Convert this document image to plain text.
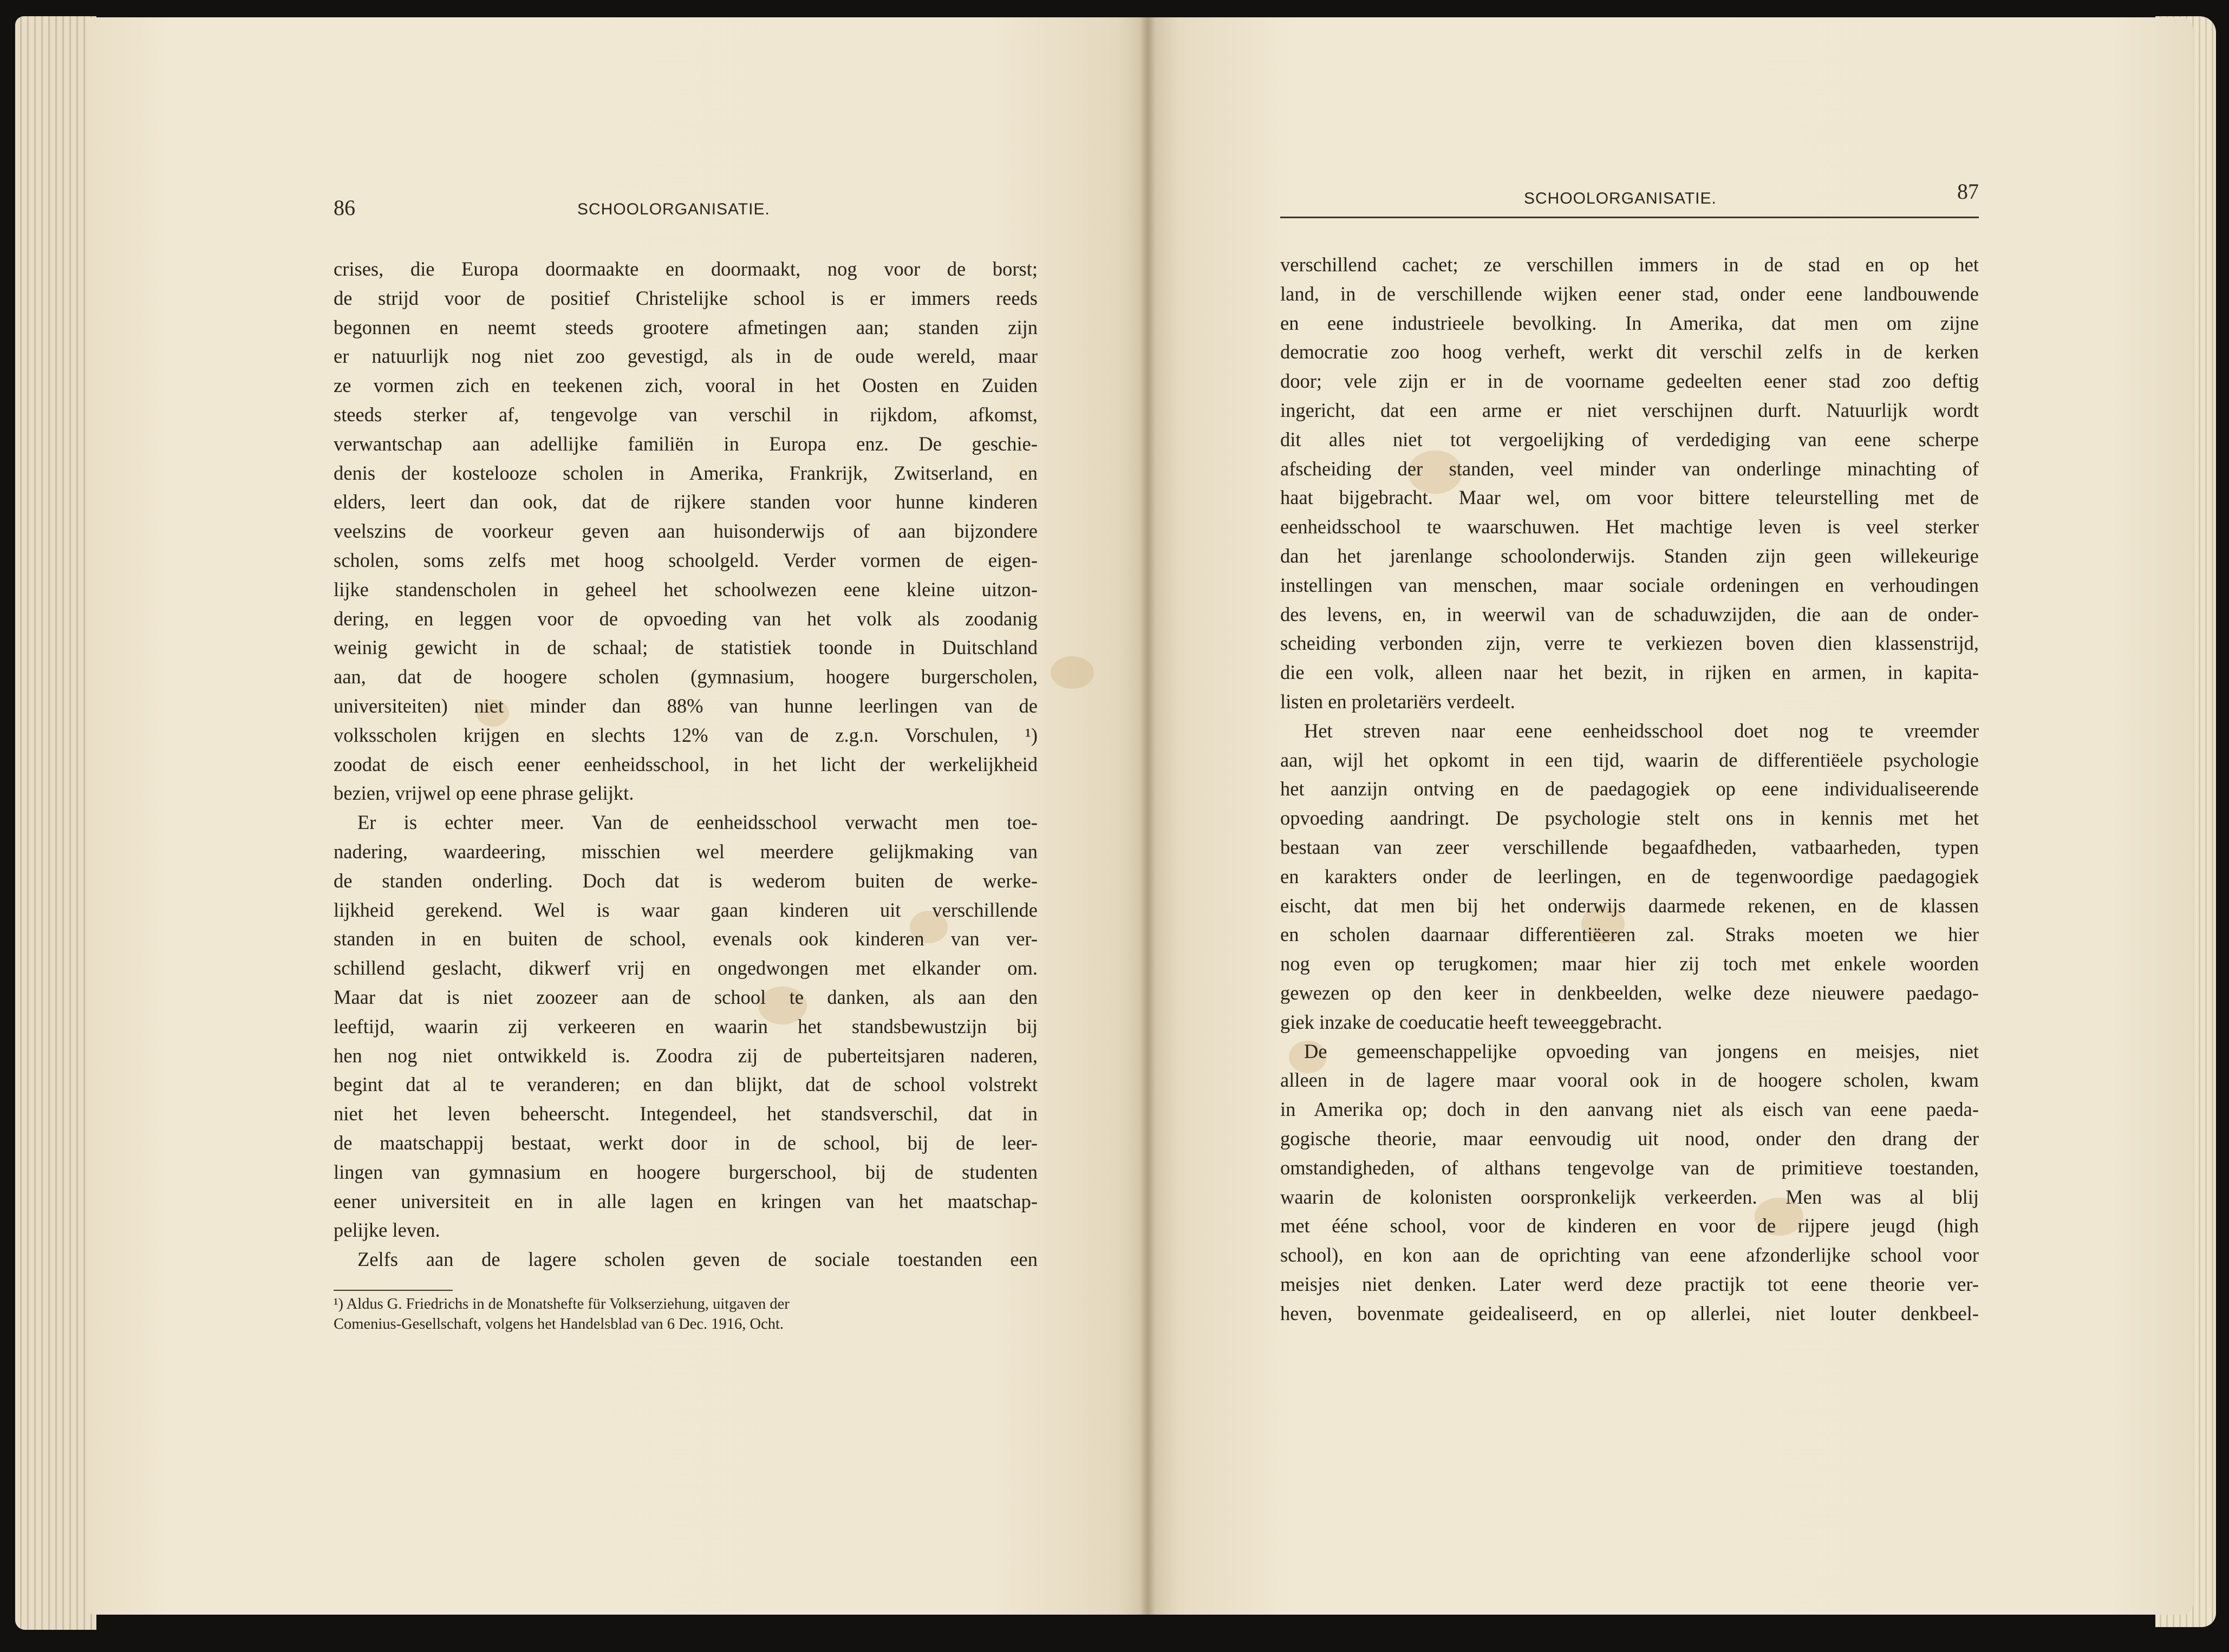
86	SCHOOLORGANISATIE.
SCHOOLORGANISATIE.	87
crises, die Europa doormaakte en doormaakt, nog voor de borst;
de strijd voor de positief Christelijke school is er immers reeds
begonnen en neemt steeds grootere afmetingen aan; standen zijn
er natuurlijk nog niet zoo gevestigd, als in de oude wereld, maar
ze vormen zich en teekenen zich, vooral in het Oosten en Zuiden
steeds sterker af, tengevolge van verschil in rijkdom, afkomst,
verwantschap aan adellijke familiën in Europa enz. De geschie-
denis der kostelooze scholen in Amerika, Frankrijk, Zwitserland, en
elders, leert dan ook, dat de rijkere standen voor hunne kinderen
veelszins de voorkeur geven aan huisonderwijs of aan bijzondere
scholen, soms zelfs met hoog schoolgeld. Verder vormen de eigen-
lijke standenscholen in geheel het schoolwezen eene kleine uitzon-
dering, en leggen voor de opvoeding van het volk als zoodanig
weinig gewicht in de schaal; de statistiek toonde in Duitschland
aan, dat de hoogere scholen (gymnasium, hoogere burgerscholen,
universiteiten) niet minder dan 88% van hunne leerlingen van de
volksscholen krijgen en slechts 12% van de z.g.n. Vorschulen, ¹)
zoodat de eisch eener eenheidsschool, in het licht der werkelijkheid
bezien, vrijwel op eene phrase gelijkt.
Er is echter meer. Van de eenheidsschool verwacht men toe-
nadering, waardeering, misschien wel meerdere gelijkmaking van
de standen onderling. Doch dat is wederom buiten de werke-
lijkheid gerekend. Wel is waar gaan kinderen uit verschillende
standen in en buiten de school, evenals ook kinderen van ver-
schillend geslacht, dikwerf vrij en ongedwongen met elkander om.
Maar dat is niet zoozeer aan de school te danken, als aan den
leeftijd, waarin zij verkeeren en waarin het standsbewustzijn bij
hen nog niet ontwikkeld is. Zoodra zij de puberteitsjaren naderen,
begint dat al te veranderen; en dan blijkt, dat de school volstrekt
niet het leven beheerscht. Integendeel, het standsverschil, dat in
de maatschappij bestaat, werkt door in de school, bij de leer-
lingen van gymnasium en hoogere burgerschool, bij de studenten
eener universiteit en in alle lagen en kringen van het maatschap-
pelijke leven.
Zelfs aan de lagere scholen geven de sociale toestanden een
¹) Aldus G. Friedrichs in de Monatshefte für Volkserziehung, uitgaven der
Comenius-Gesellschaft, volgens het Handelsblad van 6 Dec. 1916, Ocht.
verschillend cachet; ze verschillen immers in de stad en op het
land, in de verschillende wijken eener stad, onder eene landbouwende
en eene industrieele bevolking. In Amerika, dat men om zijne
democratie zoo hoog verheft, werkt dit verschil zelfs in de kerken
door; vele zijn er in de voorname gedeelten eener stad zoo deftig
ingericht, dat een arme er niet verschijnen durft. Natuurlijk wordt
dit alles niet tot vergoelijking of verdediging van eene scherpe
afscheiding der standen, veel minder van onderlinge minachting of
haat bijgebracht. Maar wel, om voor bittere teleurstelling met de
eenheidsschool te waarschuwen. Het machtige leven is veel sterker
dan het jarenlange schoolonderwijs. Standen zijn geen willekeurige
instellingen van menschen, maar sociale ordeningen en verhoudingen
des levens, en, in weerwil van de schaduwzijden, die aan de onder-
scheiding verbonden zijn, verre te verkiezen boven dien klassenstrijd,
die een volk, alleen naar het bezit, in rijken en armen, in kapita-
listen en proletariërs verdeelt.
Het streven naar eene eenheidsschool doet nog te vreemder
aan, wijl het opkomt in een tijd, waarin de differentiëele psychologie
het aanzijn ontving en de paedagogiek op eene individualiseerende
opvoeding aandringt. De psychologie stelt ons in kennis met het
bestaan van zeer verschillende begaafdheden, vatbaarheden, typen
en karakters onder de leerlingen, en de tegenwoordige paedagogiek
eischt, dat men bij het onderwijs daarmede rekenen, en de klassen
en scholen daarnaar differentiëeren zal. Straks moeten we hier
nog even op terugkomen; maar hier zij toch met enkele woorden
gewezen op den keer in denkbeelden, welke deze nieuwere paedago-
giek inzake de coeducatie heeft teweeggebracht.
De gemeenschappelijke opvoeding van jongens en meisjes, niet
alleen in de lagere maar vooral ook in de hoogere scholen, kwam
in Amerika op; doch in den aanvang niet als eisch van eene paeda-
gogische theorie, maar eenvoudig uit nood, onder den drang der
omstandigheden, of althans tengevolge van de primitieve toestanden,
waarin de kolonisten oorspronkelijk verkeerden. Men was al blij
met ééne school, voor de kinderen en voor de rijpere jeugd (high
school), en kon aan de oprichting van eene afzonderlijke school voor
meisjes niet denken. Later werd deze practijk tot eene theorie ver-
heven, bovenmate geidealiseerd, en op allerlei, niet louter denkbeel-
